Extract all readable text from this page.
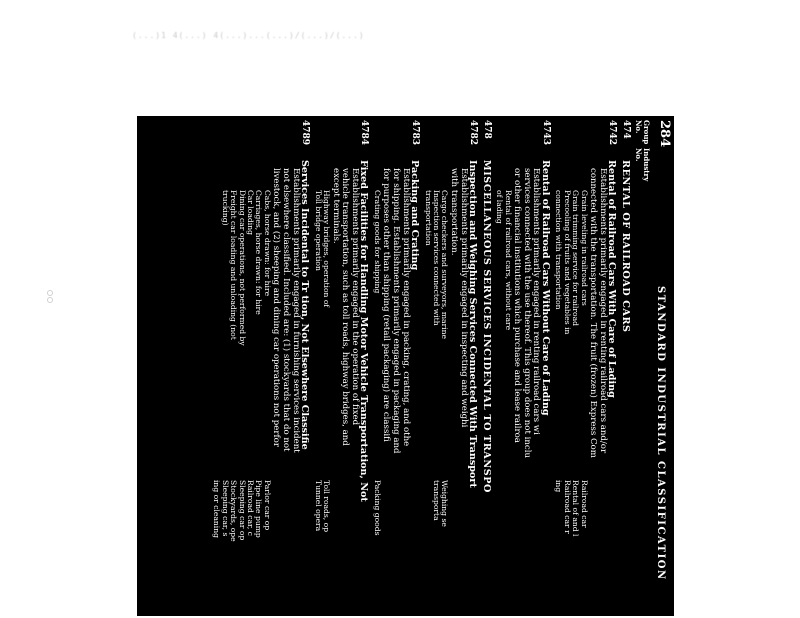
(...)1 4(...) 4(...)...(...)/(...)/(...)
284
STANDARD INDUSTRIAL CLASSIFICATION
Group No.
Industry No.
474
RENTAL OF RAILROAD CARS
4742
Rental of Railroad Cars With Care of Lading
Establishments primarily engaged in renting railroad cars and/or
connected with the transportation. The fruit (frozen) Express Com
Grain leveling in railroad cars
Grain trimming service for railroad
Precooling of fruits and vegetables in
connection with transportation
Railroad car
Rental of and l
Railroad car r
ing
4743
Rental of Railroad Cars Without Care of Lading
Establishments primarily engaged in renting railroad cars wi
services connected with the use thereof. This group does not inclu
or other financial institutions which purchase and lease railroa
Rental of railroad cars, without care
of lading
478
MISCELLANEOUS SERVICES INCIDENTAL TO TRANSPO
4782
Inspection and Weighing Services Connected With Transport
Establishments primarily engaged in inspecting and weighi
with transportation.
Cargo checkers and surveyors, marine
Inspection services connected with
transportation
Weighing se
transporta
4783
Packing and Crating
Establishments primarily engaged in packing, crating, and othe
for shipping. Establishments primarily engaged in packaging and
for purposes other than shipping (retail packaging) are classifi
Crating goods for shipping
Packing goods
4784
Fixed Facilities for Handling Motor Vehicle Transportation, Not
Establishments primarily engaged in the operation of fixed
vehicle transportation, such as toll roads, highway bridges, and
except terminals.
Highway bridges, operation of
Toll bridge operation
Toll roads, op
Tunnel opera
4789
Services Incidental to Tr tion, Not Elsewhere Classifie
Establishments primarily engaged in furnishing services incident
not elsewhere classified. Included are: (1) stockyards that do not
livestock, and (2) sheeping and dining car operations not perfor
Cabs, horse drawn: for hire
Carriages, horse drawn: for hire
Car loading
Dining car operations, not performed by
Freight car loading and unloading (not
trucking)
Parlor car op
Pipe line pump
Railroad car, c
Sleeping car op
Stockyards, ope
Sleeping car, s
ing or cleaning
